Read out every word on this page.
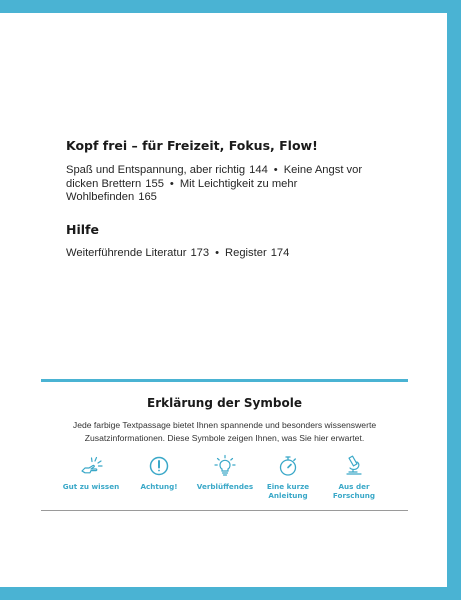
Kopf frei – für Freizeit, Fokus, Flow!

Spaß und Entspannung, aber richtig 144 • Keine Angst vor dicken Brettern 155 • Mit Leichtigkeit zu mehr Wohlbefinden 165

Hilfe

Weiterführende Literatur 173 • Register 174

Erklärung der Symbole

Jede farbige Textpassage bietet Ihnen spannende und besonders wissenswerte Zusatzinformationen. Diese Symbole zeigen Ihnen, was Sie hier erwartet.

Gut zu wissen	Achtung!	Verblüffendes	Eine kurze
Anleitung
Aus der
Forschung
